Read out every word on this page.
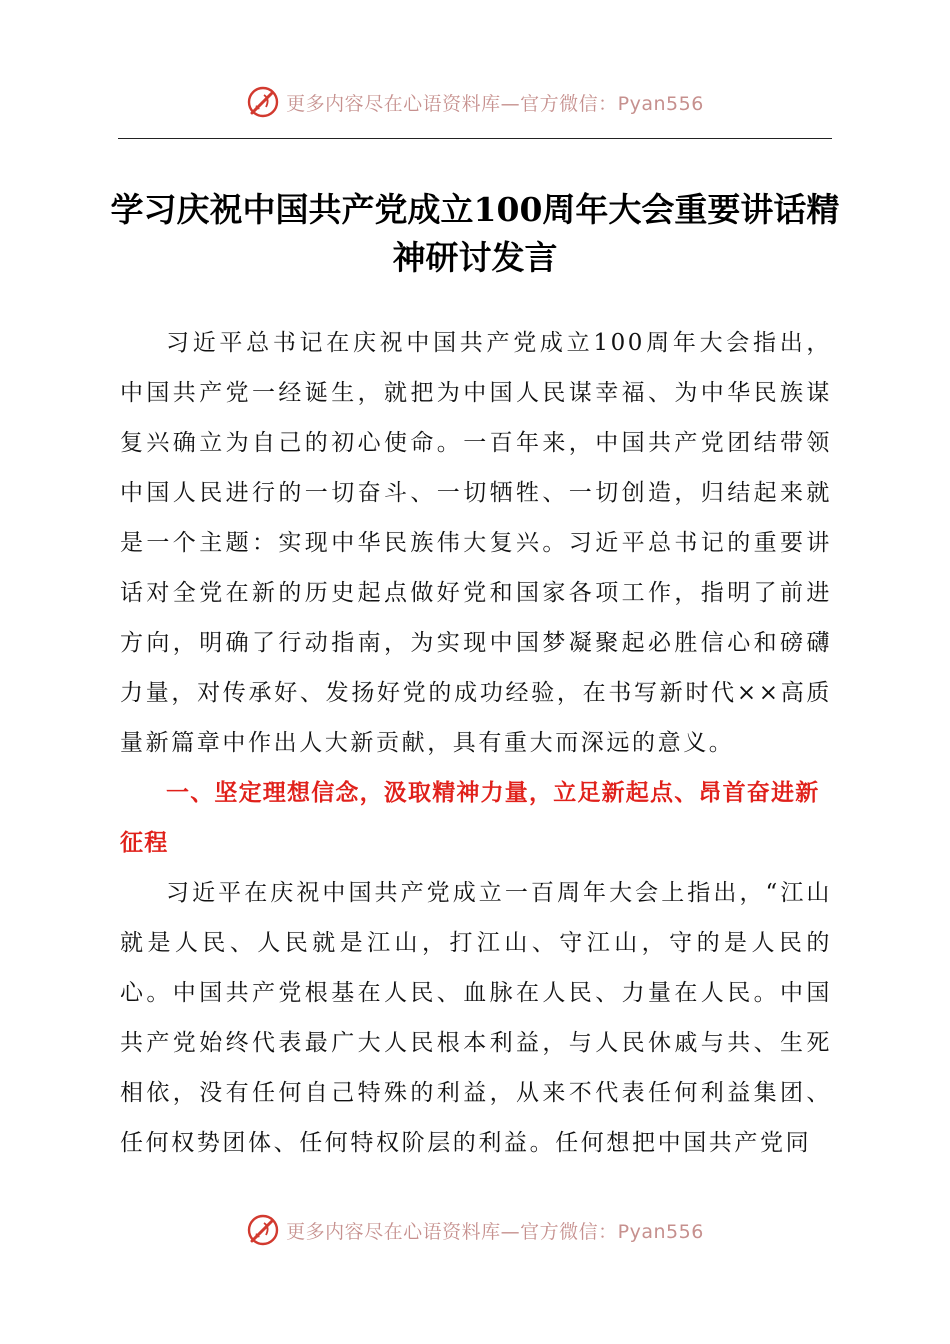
更多内容尽在心语资料库—官方微信：Pyan556
学习庆祝中国共产党成立100周年大会重要讲话精神研讨发言

习近平总书记在庆祝中国共产党成立100周年大会指出，中国共产党一经诞生，就把为中国人民谋幸福、为中华民族谋复兴确立为自己的初心使命。一百年来，中国共产党团结带领中国人民进行的一切奋斗、一切牺牲、一切创造，归结起来就是一个主题：实现中华民族伟大复兴。习近平总书记的重要讲话对全党在新的历史起点做好党和国家各项工作，指明了前进方向，明确了行动指南，为实现中国梦凝聚起必胜信心和磅礴力量，对传承好、发扬好党的成功经验，在书写新时代××高质量新篇章中作出人大新贡献，具有重大而深远的意义。

一、坚定理想信念，汲取精神力量，立足新起点、昂首奋进新征程

习近平在庆祝中国共产党成立一百周年大会上指出，“江山就是人民、人民就是江山，打江山、守江山，守的是人民的心。中国共产党根基在人民、血脉在人民、力量在人民。中国共产党始终代表最广大人民根本利益，与人民休戚与共、生死相依，没有任何自己特殊的利益，从来不代表任何利益集团、任何权势团体、任何特权阶层的利益。任何想把中国共产党同

更多内容尽在心语资料库—官方微信：Pyan556
